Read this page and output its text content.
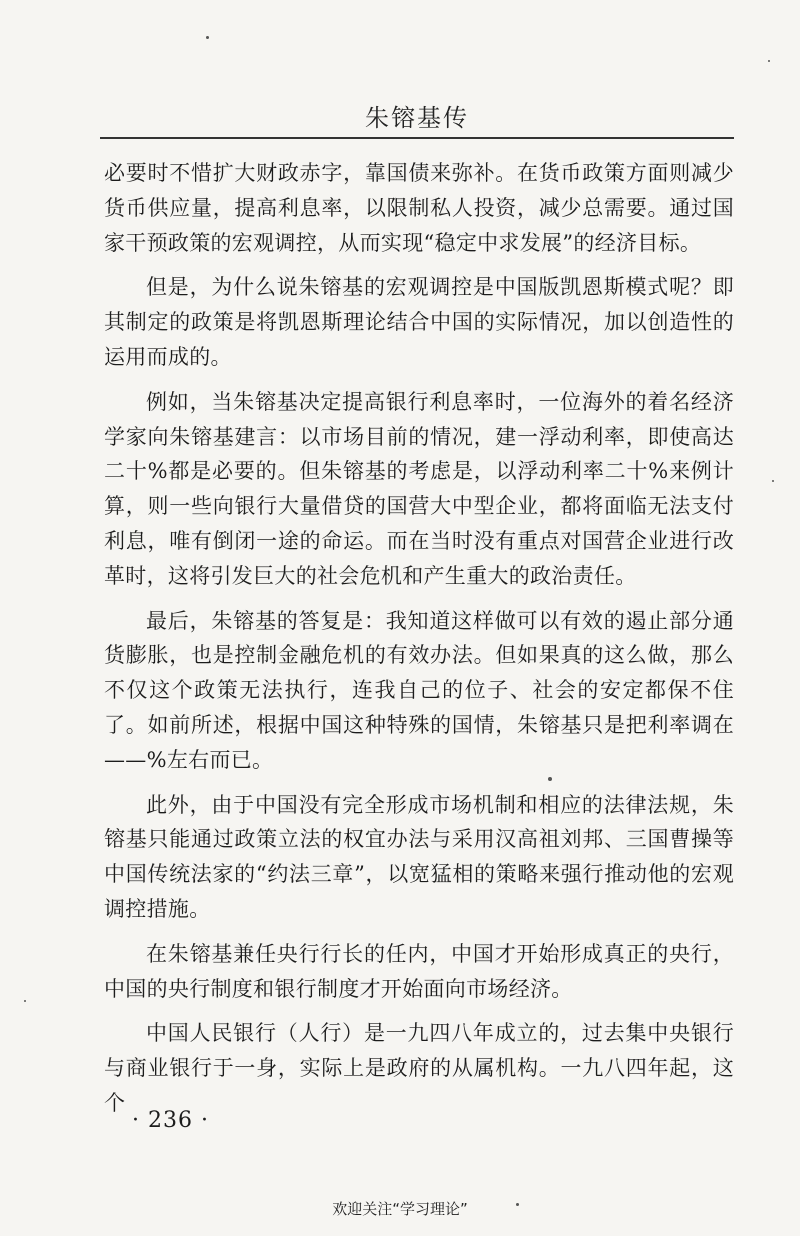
朱镕基传

必要时不惜扩大财政赤字，靠国债来弥补。在货币政策方面则减少货币供应量，提高利息率，以限制私人投资，减少总需要。通过国家干预政策的宏观调控，从而实现“稳定中求发展”的经济目标。

但是，为什么说朱镕基的宏观调控是中国版凯恩斯模式呢？即其制定的政策是将凯恩斯理论结合中国的实际情况，加以创造性的运用而成的。

例如，当朱镕基决定提高银行利息率时，一位海外的着名经济学家向朱镕基建言：以市场目前的情况，建一浮动利率，即使高达二十%都是必要的。但朱镕基的考虑是，以浮动利率二十%来例计算，则一些向银行大量借贷的国营大中型企业，都将面临无法支付利息，唯有倒闭一途的命运。而在当时没有重点对国营企业进行改革时，这将引发巨大的社会危机和产生重大的政治责任。

最后，朱镕基的答复是：我知道这样做可以有效的遏止部分通货膨胀，也是控制金融危机的有效办法。但如果真的这么做，那么不仅这个政策无法执行，连我自己的位子、社会的安定都保不住了。如前所述，根据中国这种特殊的国情，朱镕基只是把利率调在——%左右而已。

此外，由于中国没有完全形成市场机制和相应的法律法规，朱镕基只能通过政策立法的权宜办法与采用汉高祖刘邦、三国曹操等中国传统法家的“约法三章”，以宽猛相的策略来强行推动他的宏观调控措施。

在朱镕基兼任央行行长的任内，中国才开始形成真正的央行，中国的央行制度和银行制度才开始面向市场经济。

中国人民银行（人行）是一九四八年成立的，过去集中央银行与商业银行于一身，实际上是政府的从属机构。一九八四年起，这个

· 236 ·
欢迎关注“学习理论”
